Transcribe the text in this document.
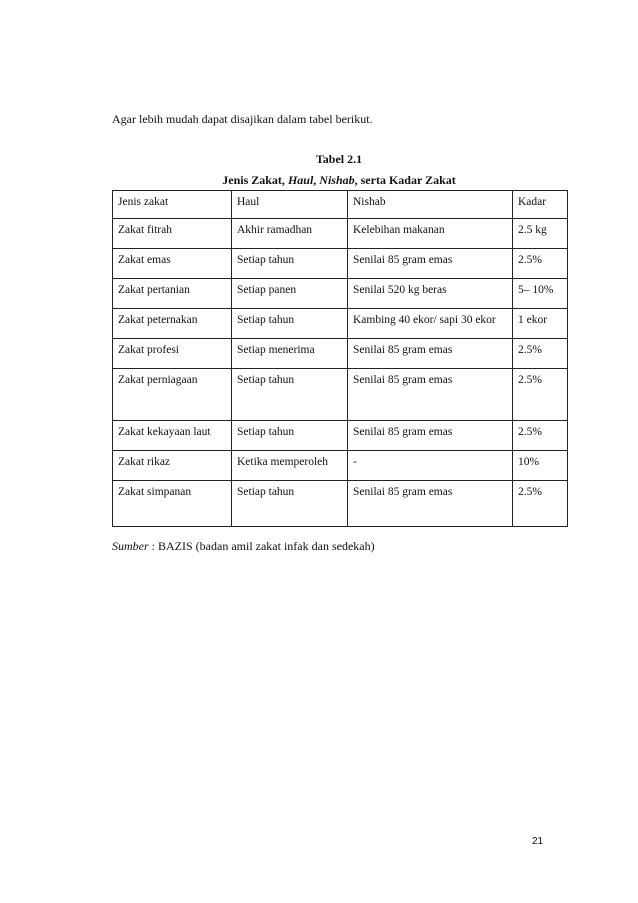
Agar lebih mudah dapat disajikan dalam tabel berikut.
Tabel 2.1
Jenis Zakat, Haul, Nishab, serta Kadar Zakat
Jenis zakat	Haul	Nishab	Kadar
Zakat fitrah	Akhir ramadhan	Kelebihan makanan	2.5 kg
Zakat emas	Setiap tahun	Senilai 85 gram emas	2.5%
Zakat pertanian	Setiap panen	Senilai 520 kg beras	5– 10%
Zakat peternakan	Setiap tahun	Kambing 40 ekor/ sapi 30 ekor	1 ekor
Zakat profesi	Setiap menerima	Senilai 85 gram emas	2.5%
Zakat perniagaan	Setiap tahun	Senilai 85 gram emas	2.5%
Zakat kekayaan laut	Setiap tahun	Senilai 85 gram emas	2.5%
Zakat rikaz	Ketika memperoleh	-	10%
Zakat simpanan	Setiap tahun	Senilai 85 gram emas	2.5%
Sumber : BAZIS (badan amil zakat infak dan sedekah)
21
